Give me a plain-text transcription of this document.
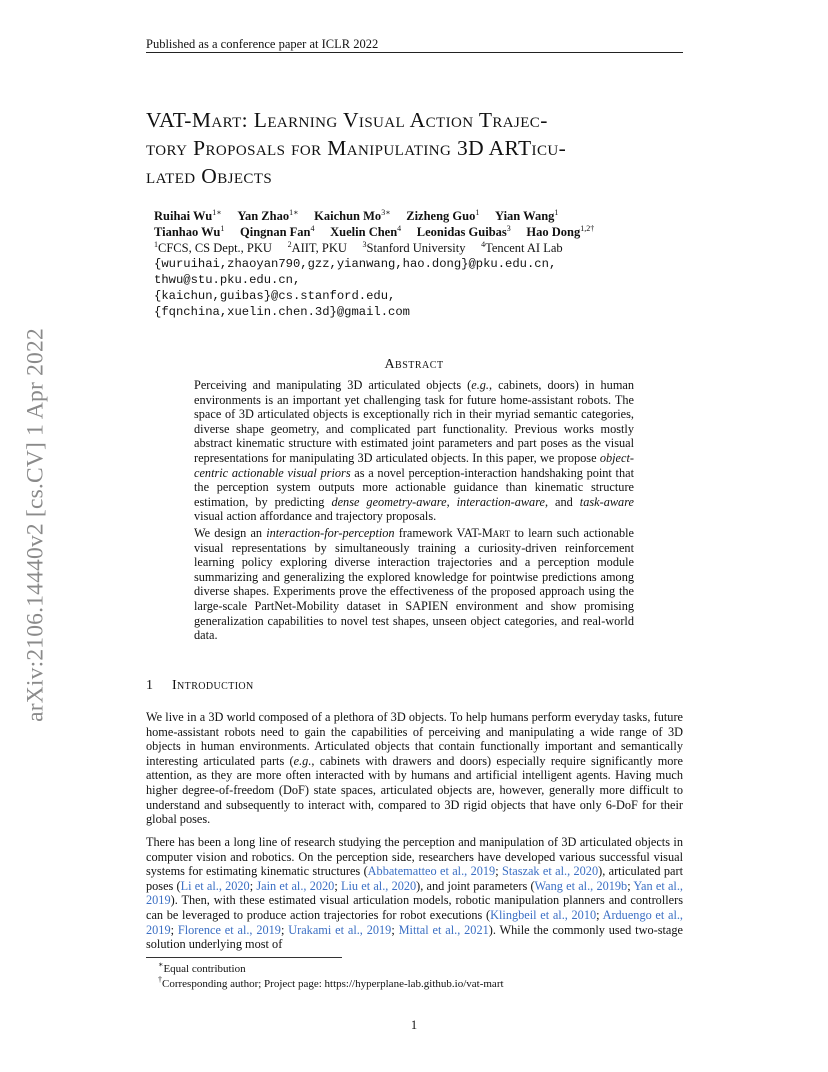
Published as a conference paper at ICLR 2022
arXiv:2106.14440v2 [cs.CV] 1 Apr 2022
VAT-Mart: Learning Visual Action Trajec-
tory Proposals for Manipulating 3D ARTicu-
lated Objects
Ruihai $Wu^{1∗}$  Yan Zhao$^{1∗}$  Kaichun $Mo^{3∗}$  Zizheng Guo$^1$  Yian Wang$^1$
Tianhao Wu$^1$  Qingnan Fan$^4$  Xuelin Chen$^4$  Leonidas Guibas$^3$  Hao Dong$^{1,2\dagger}$
$^1$CFCS, CS Dept., PKU  $^2$AIIT, PKU  $^3$Stanford University  $^4$Tencent AI Lab
{wuruihai,zhaoyan790,gzz,yianwang,hao.dong}@pku.edu.cn,
thwu@stu.pku.edu.cn,
{kaichun,guibas}@cs.stanford.edu,
{fqnchina,xuelin.chen.3d}@gmail.com
Abstract

Perceiving and manipulating 3D articulated objects (e.g., cabinets, doors) in human environments is an important yet challenging task for future home-assistant robots. The space of 3D articulated objects is exceptionally rich in their myriad semantic categories, diverse shape geometry, and complicated part functionality. Previous works mostly abstract kinematic structure with estimated joint parameters and part poses as the visual representations for manipulating 3D articulated objects. In this paper, we propose object-centric actionable visual priors as a novel perception-interaction handshaking point that the perception system outputs more actionable guidance than kinematic structure estimation, by predicting dense geometry-aware, interaction-aware, and task-aware visual action affordance and trajectory proposals.

We design an interaction-for-perception framework VAT-Mart to learn such actionable visual representations by simultaneously training a curiosity-driven reinforcement learning policy exploring diverse interaction trajectories and a perception module summarizing and generalizing the explored knowledge for pointwise predictions among diverse shapes. Experiments prove the effectiveness of the proposed approach using the large-scale PartNet-Mobility dataset in SAPIEN environment and show promising generalization capabilities to novel test shapes, unseen object categories, and real-world data.

1 Introduction
We live in a 3D world composed of a plethora of 3D objects. To help humans perform everyday tasks, future home-assistant robots need to gain the capabilities of perceiving and manipulating a wide range of 3D objects in human environments. Articulated objects that contain functionally important and semantically interesting articulated parts (e.g., cabinets with drawers and doors) especially require significantly more attention, as they are more often interacted with by humans and artificial intelligent agents. Having much higher degree-of-freedom (DoF) state spaces, articulated objects are, however, generally more difficult to understand and subsequently to interact with, compared to 3D rigid objects that have only 6-DoF for their global poses.
There has been a long line of research studying the perception and manipulation of 3D articulated objects in computer vision and robotics. On the perception side, researchers have developed various successful visual systems for estimating kinematic structures (Abbatematteo et al., 2019; Staszak et al., 2020), articulated part poses (Li et al., 2020; Jain et al., 2020; Liu et al., 2020), and joint parameters (Wang et al., 2019b; Yan et al., 2019). Then, with these estimated visual articulation models, robotic manipulation planners and controllers can be leveraged to produce action trajectories for robot executions (Klingbeil et al., 2010; Arduengo et al., 2019; Florence et al., 2019; Urakami et al., 2019; Mittal et al., 2021). While the commonly used two-stage solution underlying most of
∗Equal contribution
†Corresponding author; Project page: https://hyperplane-lab.github.io/vat-mart
1
